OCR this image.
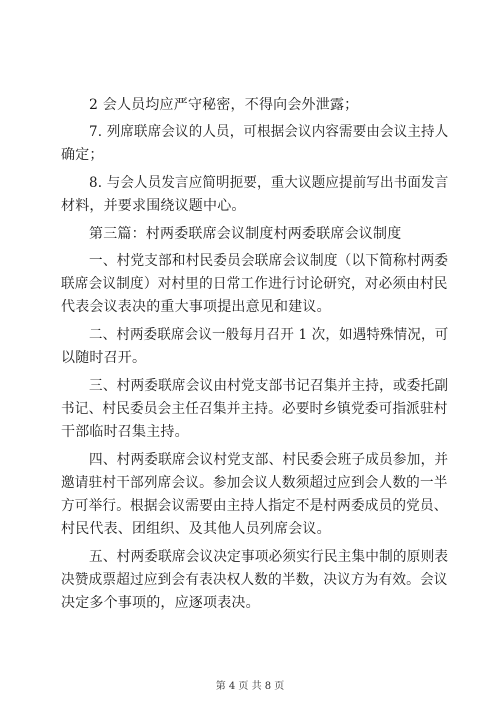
2 会人员均应严守秘密，不得向会外泄露；
7. 列席联席会议的人员，可根据会议内容需要由会议主持人
确定；
8. 与会人员发言应简明扼要，重大议题应提前写出书面发言
材料，并要求围绕议题中心。
第三篇：村两委联席会议制度村两委联席会议制度
一、村党支部和村民委员会联席会议制度（以下简称村两委
联席会议制度）对村里的日常工作进行讨论研究，对必须由村民
代表会议表决的重大事项提出意见和建议。
二、村两委联席会议一般每月召开 1 次，如遇特殊情况，可
以随时召开。
三、村两委联席会议由村党支部书记召集并主持，或委托副
书记、村民委员会主任召集并主持。必要时乡镇党委可指派驻村
干部临时召集主持。
四、村两委联席会议村党支部、村民委会班子成员参加，并
邀请驻村干部列席会议。参加会议人数须超过应到会人数的一半
方可举行。根据会议需要由主持人指定不是村两委成员的党员、
村民代表、团组织、及其他人员列席会议。
五、村两委联席会议决定事项必须实行民主集中制的原则表
决赞成票超过应到会有表决权人数的半数，决议方为有效。会议
决定多个事项的，应逐项表决。
第 4 页 共 8 页
